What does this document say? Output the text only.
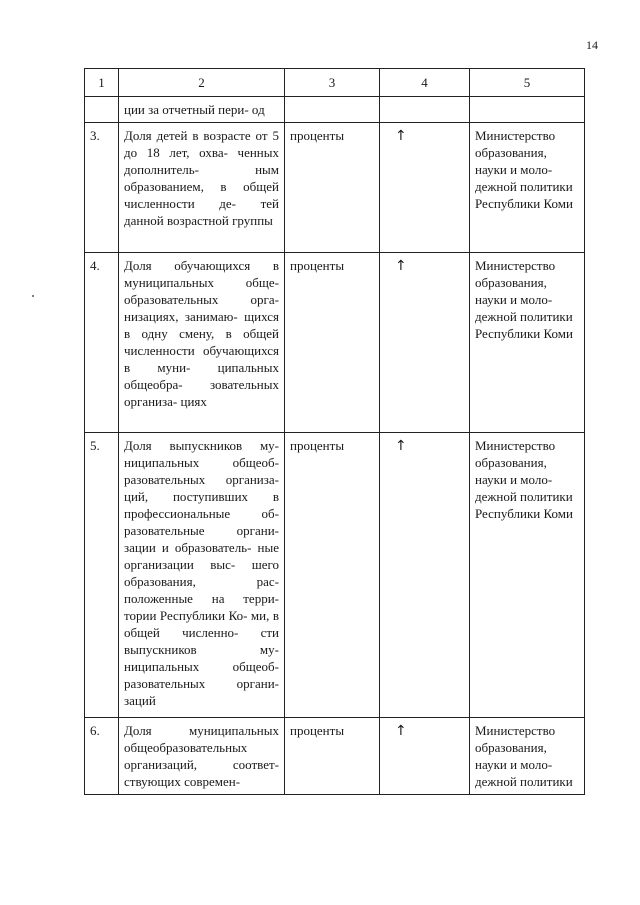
14
1	2	3	4	5
	ции за отчетный пери- од			
3.	Доля детей в возрасте от 5 до 18 лет, охва- ченных дополнитель- ным образованием, в общей численности де- тей данной возрастной группы	проценты	↑	Министерство образования, науки и моло- дежной политики Республики Коми
4.	Доля обучающихся в муниципальных обще- образовательных орга- низациях, занимаю- щихся в одну смену, в общей численности обучающихся в муни- ципальных общеобра- зовательных организа- циях	проценты	↑	Министерство образования, науки и моло- дежной политики Республики Коми
5.	Доля выпускников му- ниципальных общеоб- разовательных организа- ций, поступивших в профессиональные об- разовательные органи- зации и образователь- ные организации выс- шего образования, рас- положенные на терри- тории Республики Ко- ми, в общей численно- сти выпускников му- ниципальных общеоб- разовательных органи- заций	проценты	↑	Министерство образования, науки и моло- дежной политики Республики Коми
6.	Доля муниципальных общеобразовательных организаций, соответ- ствующих современ-	проценты	↑	Министерство образования, науки и моло- дежной политики
